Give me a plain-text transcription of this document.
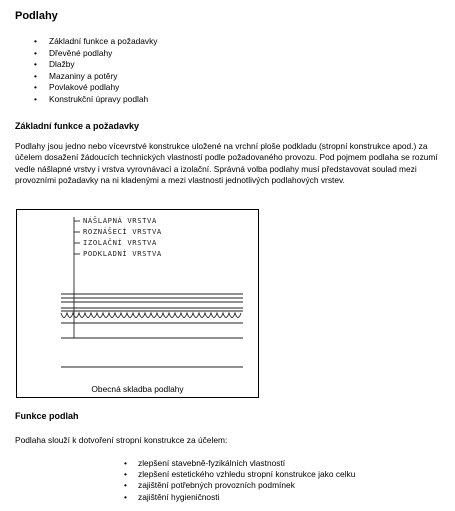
Podlahy
• Základní funkce a požadavky
• Dřevěné podlahy
• Dlažby
• Mazaniny a potěry
• Povlakové podlahy
• Konstrukční úpravy podlah
Základní funkce a požadavky
Podlahy jsou jedno nebo vícevrstvé konstrukce uložené na vrchní ploše podkladu (stropní konstrukce apod.) za účelem dosažení žádoucích technických vlastností podle požadovaného provozu. Pod pojmem podlaha se rozumí vedle nášlapné vrstvy i vrstva vyrovnávací a izolační. Správná volba podlahy musí představovat soulad mezi provozními požadavky na ni kladenými a mezi vlastnosti jednotlivých podlahových vrstev.
NÁŠLAPNÁ VRSTVA
ROZNÁŠECÍ VRSTVA
IZOLAČNÍ VRSTVA
PODKLADNÍ VRSTVA
Obecná skladba podlahy
Funkce podlah
Podlaha slouží k dotvoření stropní konstrukce za účelem:
• zlepšení stavebně-fyzikálních vlastností
• zlepšení estetického vzhledu stropní konstrukce jako celku
• zajištění potřebných provozních podmínek
• zajištění hygieničnosti
